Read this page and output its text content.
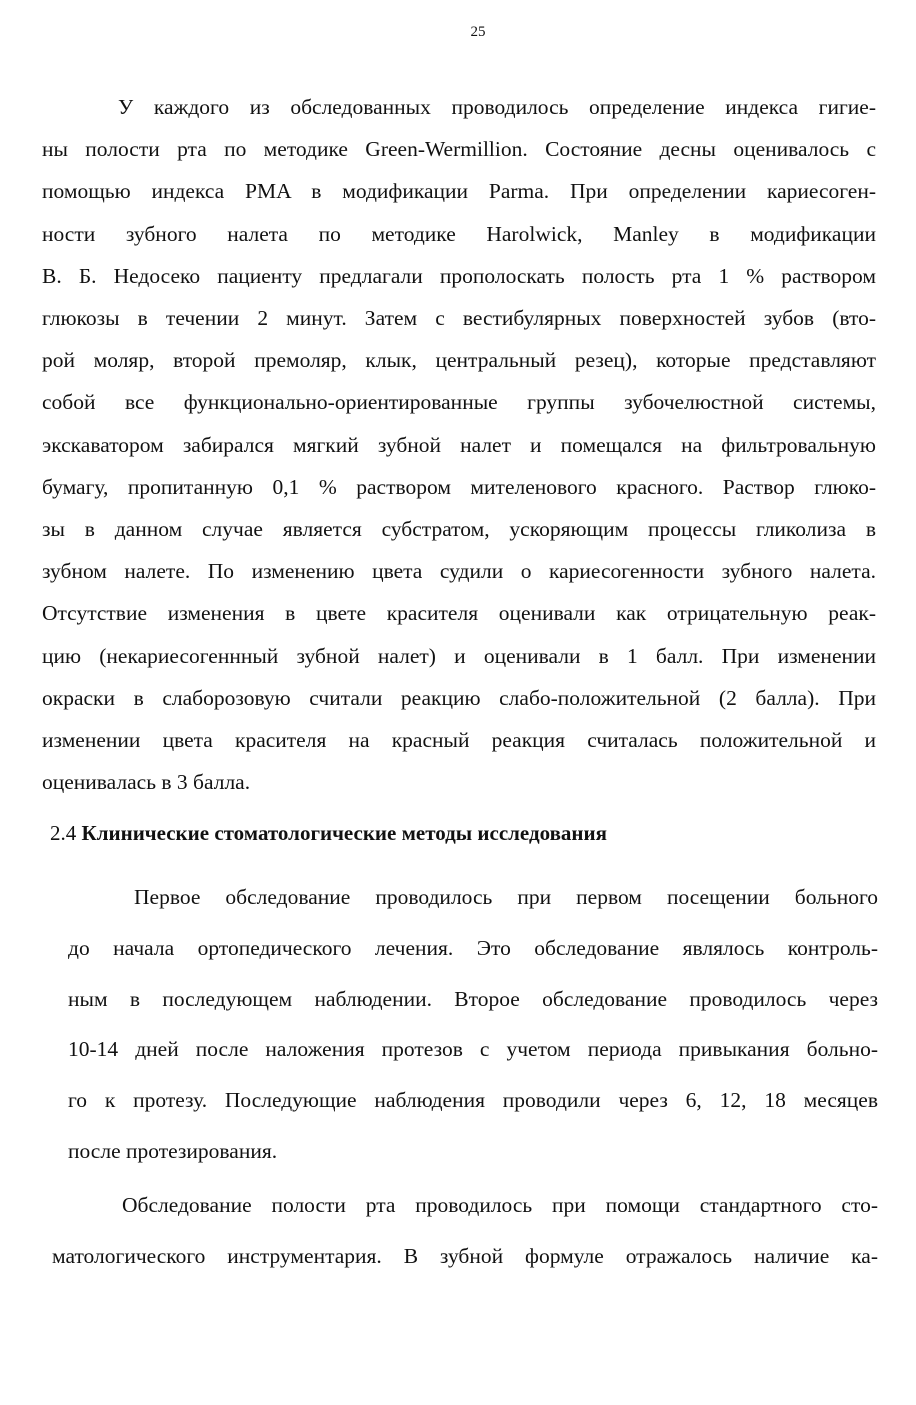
25
У каждого из обследованных проводилось определение индекса гигие-
ны полости рта по методике Green-Wermillion. Состояние десны оценивалось с
помощью индекса PMA в модификации Parma. При определении кариесоген-
ности зубного налета по методике Harolwick, Manley в модификации
В. Б. Недосеко пациенту предлагали прополоскать полость рта 1 % раствором
глюкозы в течении 2 минут. Затем с вестибулярных поверхностей зубов (вто-
рой моляр, второй премоляр, клык, центральный резец), которые представляют
собой все функционально-ориентированные группы зубочелюстной системы,
экскаватором забирался мягкий зубной налет и помещался на фильтровальную
бумагу, пропитанную 0,1 % раствором мителенового красного. Раствор глюко-
зы в данном случае является субстратом, ускоряющим процессы гликолиза в
зубном налете. По изменению цвета судили о кариесогенности зубного налета.
Отсутствие изменения в цвете красителя оценивали как отрицательную реак-
цию (некариесогеннный зубной налет) и оценивали в 1 балл. При изменении
окраски в слаборозовую считали реакцию слабо-положительной (2 балла). При
изменении цвета красителя на красный реакция считалась положительной и
оценивалась в 3 балла.
2.4 Клинические стоматологические методы исследования
Первое обследование проводилось при первом посещении больного
до начала ортопедического лечения. Это обследование являлось контроль-
ным в последующем наблюдении. Второе обследование проводилось через
10-14 дней после наложения протезов с учетом периода привыкания больно-
го к протезу. Последующие наблюдения проводили через 6, 12, 18 месяцев
после протезирования.
Обследование полости рта проводилось при помощи стандартного сто-
матологического инструментария. В зубной формуле отражалось наличие ка-
